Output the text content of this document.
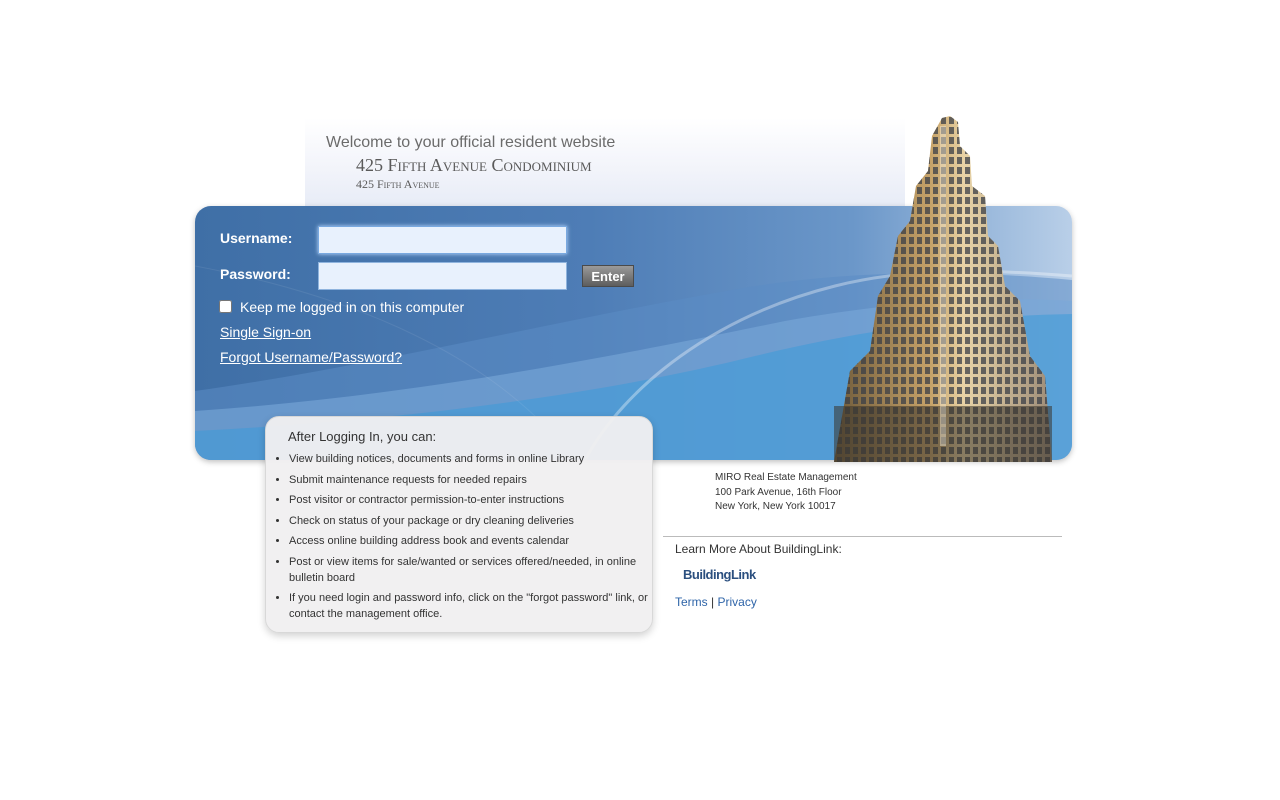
Welcome to your official resident website
425 Fifth Avenue Condominium
425 Fifth Avenue
Username:
Password:	Enter
Keep me logged in on this computer
Single Sign-on
Forgot Username/Password?
After Logging In, you can:
• View building notices, documents and forms in online Library
• Submit maintenance requests for needed repairs
• Post visitor or contractor permission-to-enter instructions
• Check on status of your package or dry cleaning deliveries
• Access online building address book and events calendar
• Post or view items for sale/wanted or services offered/needed, in online bulletin board
• If you need login and password info, click on the "forgot password" link, or contact the management office.
MIRO Real Estate Management
100 Park Avenue, 16th Floor
New York, New York 10017
Learn More About BuildingLink:
BuildingLink
Terms | Privacy
